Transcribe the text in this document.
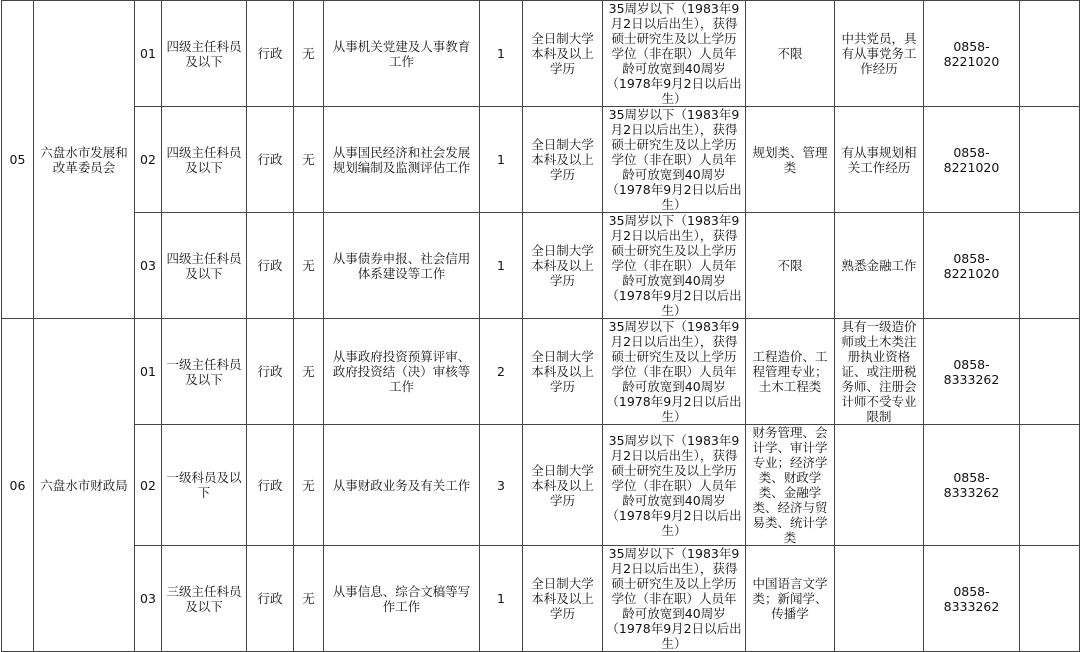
05	六盘水市发展和改革委员会	01	四级主任科员及以下	行政	无	从事机关党建及人事教育工作	1	全日制大学本科及以上学历	35周岁以下（1983年9月2日以后出生），获得硕士研究生及以上学历学位（非在职）人员年龄可放宽到40周岁（1978年9月2日以后出生）	不限	中共党员，具有从事党务工作经历	0858-8221020	
		02	四级主任科员及以下	行政	无	从事国民经济和社会发展规划编制及监测评估工作	1	全日制大学本科及以上学历	35周岁以下（1983年9月2日以后出生），获得硕士研究生及以上学历学位（非在职）人员年龄可放宽到40周岁（1978年9月2日以后出生）	规划类、管理类	有从事规划相关工作经历	0858-8221020	
		03	四级主任科员及以下	行政	无	从事债券申报、社会信用体系建设等工作	1	全日制大学本科及以上学历	35周岁以下（1983年9月2日以后出生），获得硕士研究生及以上学历学位（非在职）人员年龄可放宽到40周岁（1978年9月2日以后出生）	不限	熟悉金融工作	0858-8221020	
06	六盘水市财政局	01	一级主任科员及以下	行政	无	从事政府投资预算评审、政府投资结（决）审核等工作	2	全日制大学本科及以上学历	35周岁以下（1983年9月2日以后出生），获得硕士研究生及以上学历学位（非在职）人员年龄可放宽到40周岁（1978年9月2日以后出生）	工程造价、工程管理专业；土木工程类	具有一级造价师或土木类注册执业资格证、或注册税务师、注册会计师不受专业限制	0858-8333262	
		02	一级科员及以下	行政	无	从事财政业务及有关工作	3	全日制大学本科及以上学历	35周岁以下（1983年9月2日以后出生），获得硕士研究生及以上学历学位（非在职）人员年龄可放宽到40周岁（1978年9月2日以后出生）	财务管理、会计学、审计学专业；经济学类、财政学类、金融学类、经济与贸易类、统计学类		0858-8333262	
		03	三级主任科员及以下	行政	无	从事信息、综合文稿等写作工作	1	全日制大学本科及以上学历	35周岁以下（1983年9月2日以后出生），获得硕士研究生及以上学历学位（非在职）人员年龄可放宽到40周岁（1978年9月2日以后出生）	中国语言文学类；新闻学、传播学		0858-8333262	
